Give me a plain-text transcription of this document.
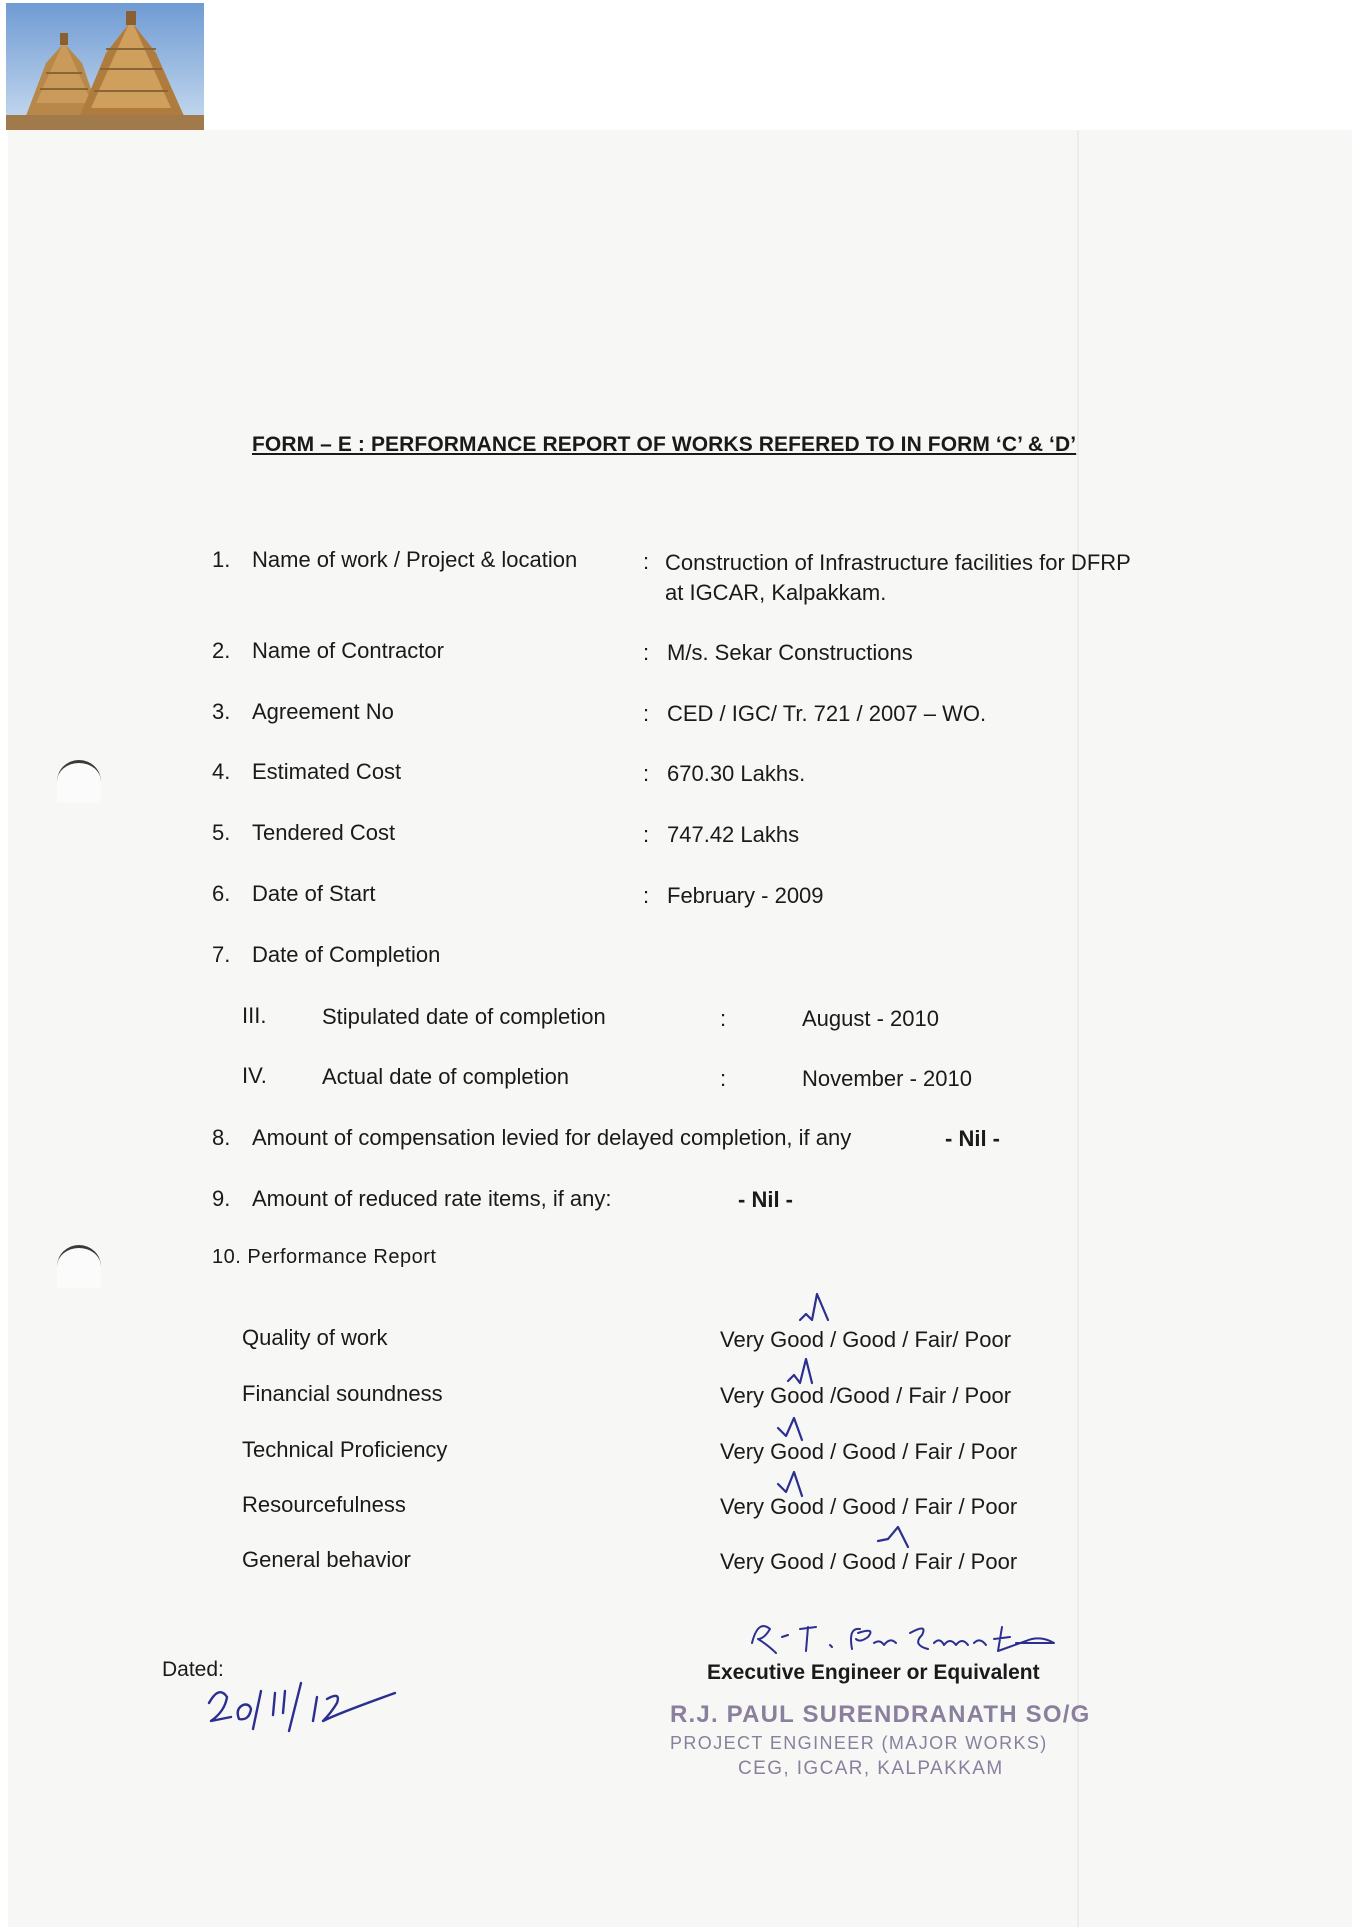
FORM – E : PERFORMANCE REPORT OF WORKS REFERED TO IN FORM ‘C’ & ‘D’
1. Name of work / Project & location	: Construction of Infrastructure facilities for DFRP
at IGCAR, Kalpakkam.
2. Name of Contractor	: M/s. Sekar Constructions
3. Agreement No	: CED / IGC/ Tr. 721 / 2007 – WO.
4. Estimated Cost	: 670.30 Lakhs.
5. Tendered Cost	: 747.42 Lakhs
6. Date of Start	: February - 2009
7. Date of Completion
III.	Stipulated date of completion	:	August - 2010
IV.	Actual date of completion	:	November - 2010
8. Amount of compensation levied for delayed completion, if any	- Nil -
9. Amount of reduced rate items, if any:	- Nil -
10. Performance Report
Quality of work	Very Good / Good / Fair/ Poor
Financial soundness	Very Good /Good / Fair / Poor
Technical Proficiency	Very Good / Good / Fair / Poor
Resourcefulness	Very Good / Good / Fair / Poor
General behavior	Very Good / Good / Fair / Poor
Executive Engineer or Equivalent
Dated:
R.J. PAUL SURENDRANATH SO/G
PROJECT ENGINEER (MAJOR WORKS)
CEG, IGCAR, KALPAKKAM
